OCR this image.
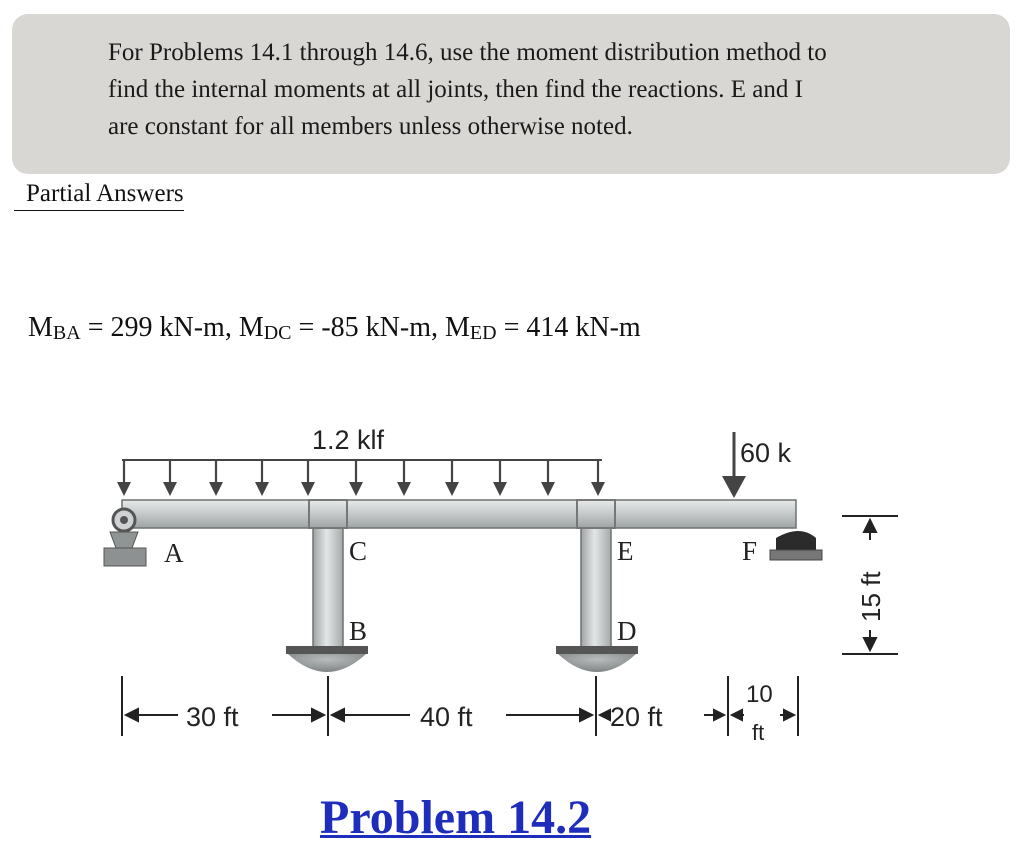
For Problems 14.1 through 14.6, use the moment distribution method to
find the internal moments at all joints, then find the reactions. E and I
are constant for all members unless otherwise noted.
Partial Answers
$M_{BA} = 299$ kN-m, $M_{DC} = -85$ kN-m, $M_{ED} = 414$ kN-m
1.2 klf	60 k
A	C
B
E
D
F
30 ft	40 ft	20 ft
10
ft
15 ft
Problem 14.2
